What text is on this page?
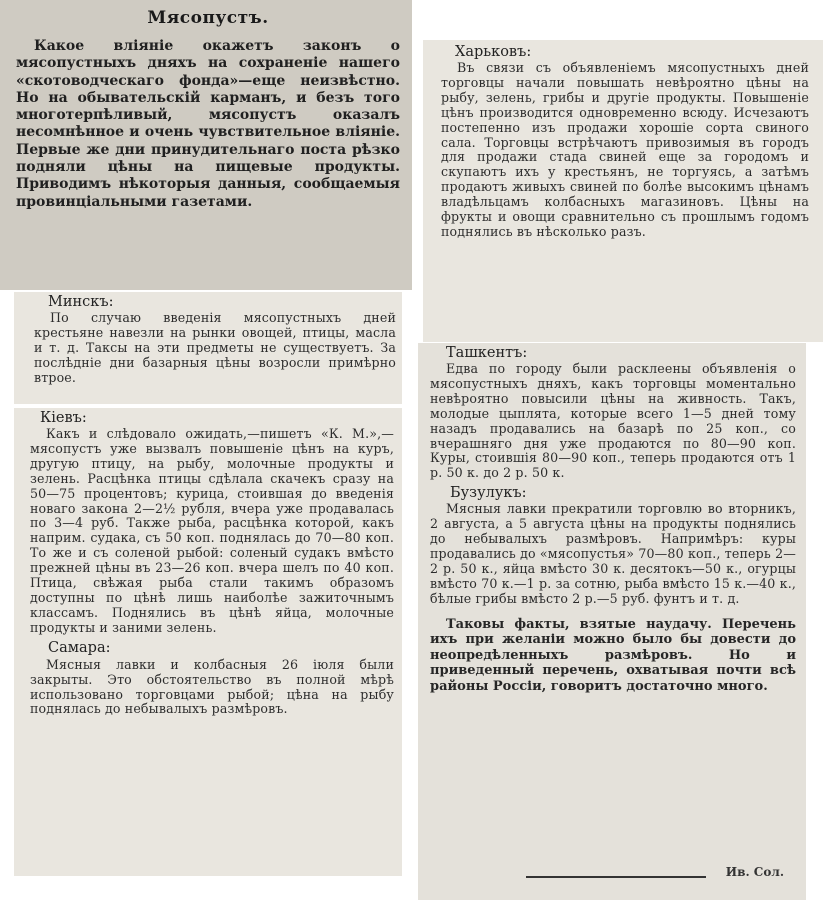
Мясопустъ.

Какое вліяніе окажетъ законъ о мясопустныхъ дняхъ на сохраненіе нашего «скотоводческаго фонда»—еще неизвѣстно. Но на обывательскій карманъ, и безъ того многотерпѣливый, мясопустъ оказалъ несомнѣнное и очень чувствительное вліяніе. Первые же дни принудительнаго поста рѣзко подняли цѣны на пищевые продукты. Приводимъ нѣкоторыя данныя, сообщаемыя провинціальными газетами.

Минскъ:

По случаю введенія мясопустныхъ дней крестьяне навезли на рынки овощей, птицы, масла и т. д. Таксы на эти предметы не существуетъ. За послѣдніе дни базарныя цѣны возросли примѣрно втрое.

Кіевъ:

Какъ и слѣдовало ожидать,—пишетъ «К. М.»,—мясопустъ уже вызвалъ повышеніе цѣнъ на куръ, другую птицу, на рыбу, молочные продукты и зелень. Расцѣнка птицы сдѣлала скачекъ сразу на 50—75 процентовъ; курица, стоившая до введенія новаго закона 2—2½ рубля, вчера уже продавалась по 3—4 руб. Также рыба, расцѣнка которой, какъ наприм. судака, съ 50 коп. поднялась до 70—80 коп. То же и съ соленой рыбой: соленый судакъ вмѣсто прежней цѣны въ 23—26 коп. вчера шелъ по 40 коп. Птица, свѣжая рыба стали такимъ образомъ доступны по цѣнѣ лишь наиболѣе зажиточнымъ классамъ. Поднялись въ цѣнѣ яйца, молочные продукты и заними зелень.

Самара:

Мясныя лавки и колбасныя 26 іюля были закрыты. Это обстоятельство въ полной мѣрѣ использовано торговцами рыбой; цѣна на рыбу поднялась до небывалыхъ размѣровъ.

Харьковъ:

Въ связи съ объявленіемъ мясопустныхъ дней торговцы начали повышать невѣроятно цѣны на рыбу, зелень, грибы и другіе продукты. Повышеніе цѣнъ производится одновременно всюду. Исчезаютъ постепенно изъ продажи хорошіе сорта свиного сала. Торговцы встрѣчаютъ привозимыя въ городъ для продажи стада свиней еще за городомъ и скупаютъ ихъ у крестьянъ, не торгуясь, а затѣмъ продаютъ живыхъ свиней по болѣе высокимъ цѣнамъ владѣльцамъ колбасныхъ магазиновъ. Цѣны на фрукты и овощи сравнительно съ прошлымъ годомъ поднялись въ нѣсколько разъ.

Ташкентъ:

Едва по городу были расклеены объявленія о мясопустныхъ дняхъ, какъ торговцы моментально невѣроятно повысили цѣны на живность. Такъ, молодые цыплята, которые всего 1—5 дней тому назадъ продавались на базарѣ по 25 коп., со вчерашняго дня уже продаются по 80—90 коп. Куры, стоившія 80—90 коп., теперь продаются отъ 1 р. 50 к. до 2 р. 50 к.

Бузулукъ:

Мясныя лавки прекратили торговлю во вторникъ, 2 августа, а 5 августа цѣны на продукты поднялись до небывалыхъ размѣровъ. Напримѣръ: куры продавались до «мясопустья» 70—80 коп., теперь 2—2 р. 50 к., яйца вмѣсто 30 к. десятокъ—50 к., огурцы вмѣсто 70 к.—1 р. за сотню, рыба вмѣсто 15 к.—40 к., бѣлые грибы вмѣсто 2 р.—5 руб. фунтъ и т. д.

Таковы факты, взятые наудачу. Перечень ихъ при желаніи можно было бы довести до неопредѣленныхъ размѣровъ. Но и приведенный перечень, охватывая почти всѣ районы Россіи, говоритъ достаточно много.

Ив. Сол.
